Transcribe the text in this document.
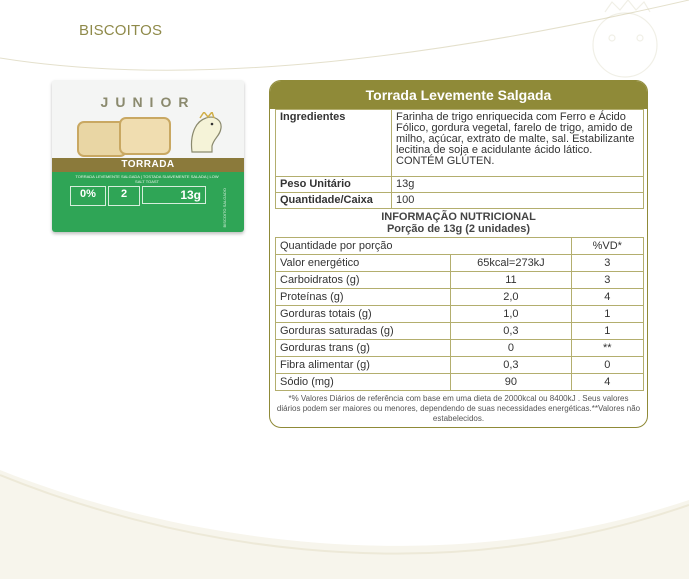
BISCOITOS
JUNIOR
TORRADA
TORRADA LEVEMENTE SALGADA | TOSTADA SUAVEMENTE SALADA | LOW SALT TOAST
0%	2	13g	BISCOITO SALGADO
Torrada Levemente Salgada
Ingredientes	Farinha de trigo enriquecida com Ferro e Ácido Fólico, gordura vegetal, farelo de trigo, amido de milho, açúcar, extrato de malte, sal. Estabilizante lecitina de soja e acidulante ácido lático. CONTÉM GLÚTEN.
Peso Unitário	13g
Quantidade/Caixa	100
INFORMAÇÃO NUTRICIONAL
Porção de 13g (2 unidades)
Quantidade por porção		%VD*
Valor energético	65kcal=273kJ	3
Carboidratos (g)	11	3
Proteínas (g)	2,0	4
Gorduras totais (g)	1,0	1
Gorduras saturadas (g)	0,3	1
Gorduras trans (g)	0	**
Fibra alimentar (g)	0,3	0
Sódio (mg)	90	4
*% Valores Diários de referência com base em uma dieta de 2000kcal ou 8400kJ . Seus valores diários podem ser maiores ou menores, dependendo de suas necessidades energéticas.**Valores não estabelecidos.
